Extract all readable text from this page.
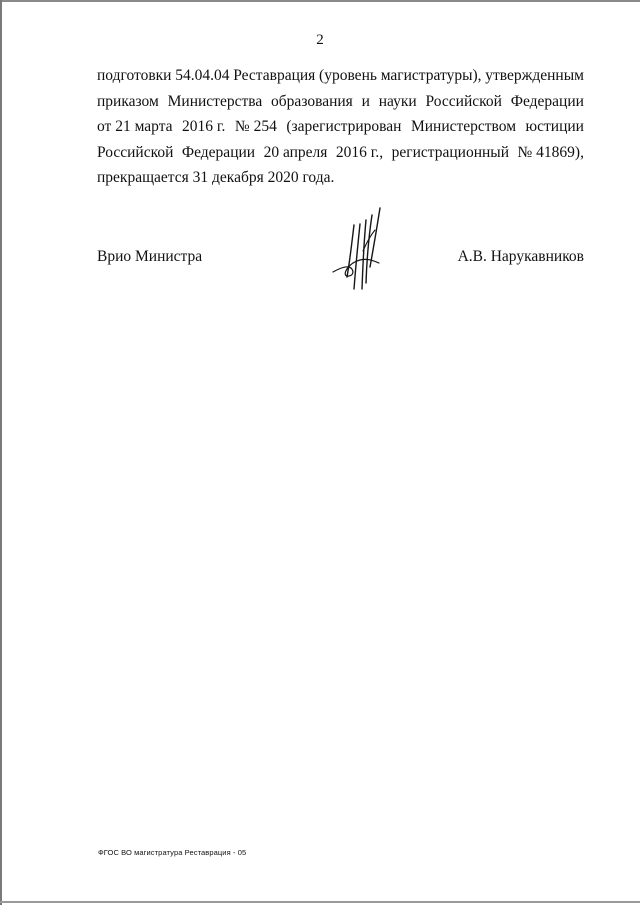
2
подготовки 54.04.04 Реставрация (уровень магистратуры), утвержденным
приказом Министерства образования и науки Российской Федерации
от 21 марта 2016 г. № 254 (зарегистрирован Министерством юстиции
Российской Федерации 20 апреля 2016 г., регистрационный № 41869),
прекращается 31 декабря 2020 года.
Врио Министра	А.В. Нарукавников
ФГОС ВО магистратура Реставрация - 05
